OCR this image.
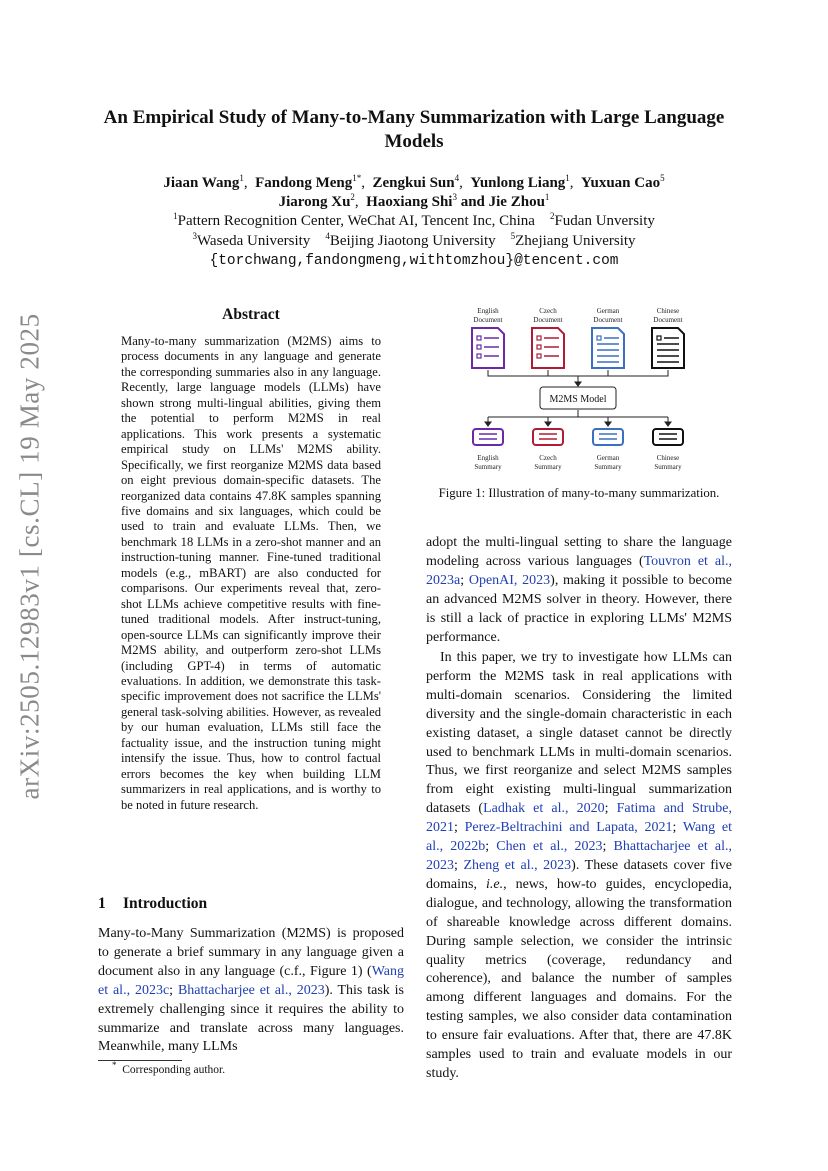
arXiv:2505.12983v1 [cs.CL] 19 May 2025
An Empirical Study of Many-to-Many Summarization with Large Language Models
Jiaan Wang$^1$,  Fandong Meng$^{1*}$,  Zengkui Sun$^4$,  Yunlong Liang$^1$,  Yuxuan Cao$^5$
Jiarong Xu$^2$,  Haoxiang Shi$^3$ and Jie Zhou$^1$
$^1$Pattern Recognition Center, WeChat AI, Tencent Inc, China $^2$Fudan Unversity
$^3$Waseda University $^4$Beijing Jiaotong University $^5$Zhejiang University
{torchwang,fandongmeng,withtomzhou}@tencent.com
Abstract
Many-to-many summarization (M2MS) aims to process documents in any language and generate the corresponding summaries also in any language. Recently, large language models (LLMs) have shown strong multi-lingual abilities, giving them the potential to perform M2MS in real applications. This work presents a systematic empirical study on LLMs' M2MS ability. Specifically, we first reorganize M2MS data based on eight previous domain-specific datasets. The reorganized data contains 47.8K samples spanning five domains and six languages, which could be used to train and evaluate LLMs. Then, we benchmark 18 LLMs in a zero-shot manner and an instruction-tuning manner. Fine-tuned traditional models (e.g., mBART) are also conducted for comparisons. Our experiments reveal that, zero-shot LLMs achieve competitive results with fine-tuned traditional models. After instruct-tuning, open-source LLMs can significantly improve their M2MS ability, and outperform zero-shot LLMs (including GPT-4) in terms of automatic evaluations. In addition, we demonstrate this task-specific improvement does not sacrifice the LLMs' general task-solving abilities. However, as revealed by our human evaluation, LLMs still face the factuality issue, and the instruction tuning might intensify the issue. Thus, how to control factual errors becomes the key when building LLM summarizers in real applications, and is worthy to be noted in future research.
1 Introduction
Many-to-Many Summarization (M2MS) is proposed to generate a brief summary in any language given a document also in any language (c.f., Figure 1) (Wang et al., 2023c; Bhattacharjee et al., 2023). This task is extremely challenging since it requires the ability to summarize and translate across many languages. Meanwhile, many LLMs
* Corresponding author.
English
Document
Czech
Document
German
Document
Chinese
Document
M2MS Model
English
Summary
Czech
Summary
German
Summary
Chinese
Summary
Figure 1: Illustration of many-to-many summarization.
adopt the multi-lingual setting to share the language modeling across various languages (Touvron et al., 2023a; OpenAI, 2023), making it possible to become an advanced M2MS solver in theory. However, there is still a lack of practice in exploring LLMs' M2MS performance.
In this paper, we try to investigate how LLMs can perform the M2MS task in real applications with multi-domain scenarios. Considering the limited diversity and the single-domain characteristic in each existing dataset, a single dataset cannot be directly used to benchmark LLMs in multi-domain scenarios. Thus, we first reorganize and select M2MS samples from eight existing multi-lingual summarization datasets (Ladhak et al., 2020; Fatima and Strube, 2021; Perez-Beltrachini and Lapata, 2021; Wang et al., 2022b; Chen et al., 2023; Bhattacharjee et al., 2023; Zheng et al., 2023). These datasets cover five domains, i.e., news, how-to guides, encyclopedia, dialogue, and technology, allowing the transformation of shareable knowledge across different domains. During sample selection, we consider the intrinsic quality metrics (coverage, redundancy and coherence), and balance the number of samples among different languages and domains. For the testing samples, we also consider data contamination to ensure fair evaluations. After that, there are 47.8K samples used to train and evaluate models in our study.
